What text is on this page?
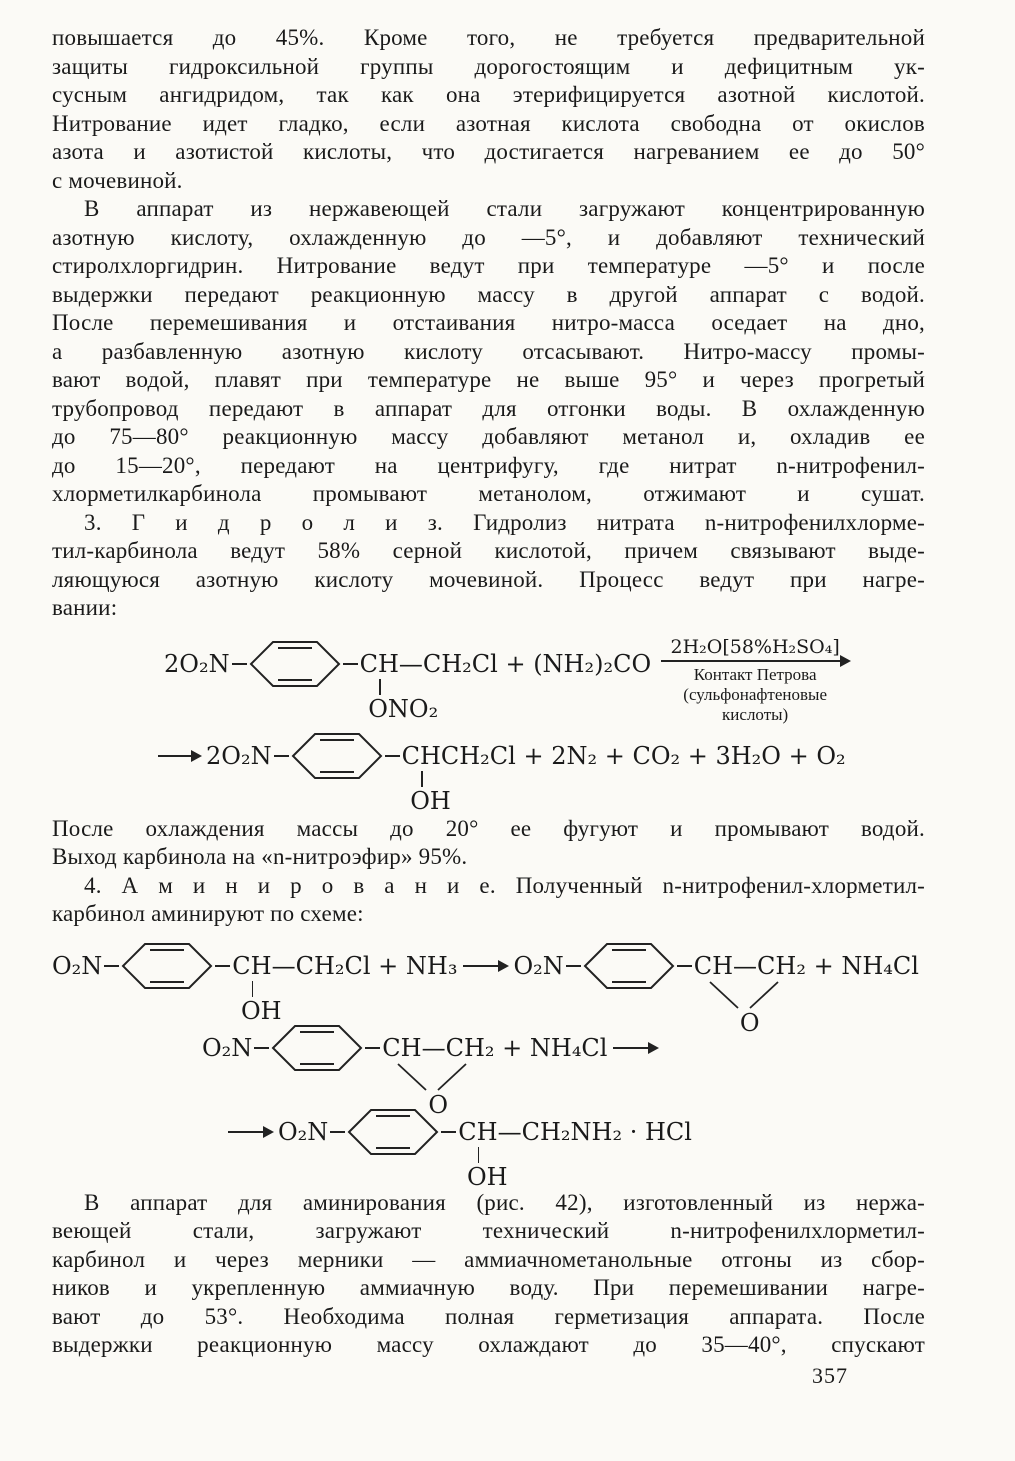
повышается до 45%. Кроме того, не требуется предварительной
защиты гидроксильной группы дорогостоящим и дефицитным ук-
сусным ангидридом, так как она этерифицируется азотной кислотой.
Нитрование идет гладко, если азотная кислота свободна от окислов
азота и азотистой кислоты, что достигается нагреванием ее до 50°
с мочевиной.
В аппарат из нержавеющей стали загружают концентрированную
азотную кислоту, охлажденную до —5°, и добавляют технический
стиролхлоргидрин. Нитрование ведут при температуре —5° и после
выдержки передают реакционную массу в другой аппарат с водой.
После перемешивания и отстаивания нитро-масса оседает на дно,
а разбавленную азотную кислоту отсасывают. Нитро-массу промы-
вают водой, плавят при температуре не выше 95° и через прогретый
трубопровод передают в аппарат для отгонки воды. В охлажденную
до 75—80° реакционную массу добавляют метанол и, охладив ее
до 15—20°, передают на центрифугу, где нитрат n-нитрофенил-
хлорметилкарбинола промывают метанолом, отжимают и сушат.
3. Г и д р о л и з. Гидролиз нитрата n-нитрофенилхлорме-
тил-карбинола ведут 58% серной кислотой, причем связывают выде-
ляющуюся азотную кислоту мочевиной. Процесс ведут при нагре-
вании:
2O₂N	CH
ONO₂
—CH₂Cl + (NH₂)₂CO
2H₂O[58%H₂SO₄]
Контакт Петрова
(сульфонафтеновые
кислоты)
2O₂N	CH
OH
CH₂Cl + 2N₂ + CO₂ + 3H₂O + O₂
После охлаждения массы до 20° ее фугуют и промывают водой.
Выход карбинола на «n-нитроэфир» 95%.
4. А м и н и р о в а н и е. Полученный n-нитрофенил-хлорметил-
карбинол аминируют по схеме:
O₂N	CH
OH
—CH₂Cl + NH₃ O₂N	CH—CH₂
O
+ NH₄Cl
O₂N	CH—CH₂
O
+ NH₄Cl
O₂N	CH
OH
—CH₂NH₂ · HCl
В аппарат для аминирования (рис. 42), изготовленный из нержа-
веющей стали, загружают технический n-нитрофенилхлорметил-
карбинол и через мерники — аммиачнометанольные отгоны из сбор-
ников и укрепленную аммиачную воду. При перемешивании нагре-
вают до 53°. Необходима полная герметизация аппарата. После
выдержки реакционную массу охлаждают до 35—40°, спускают
357
